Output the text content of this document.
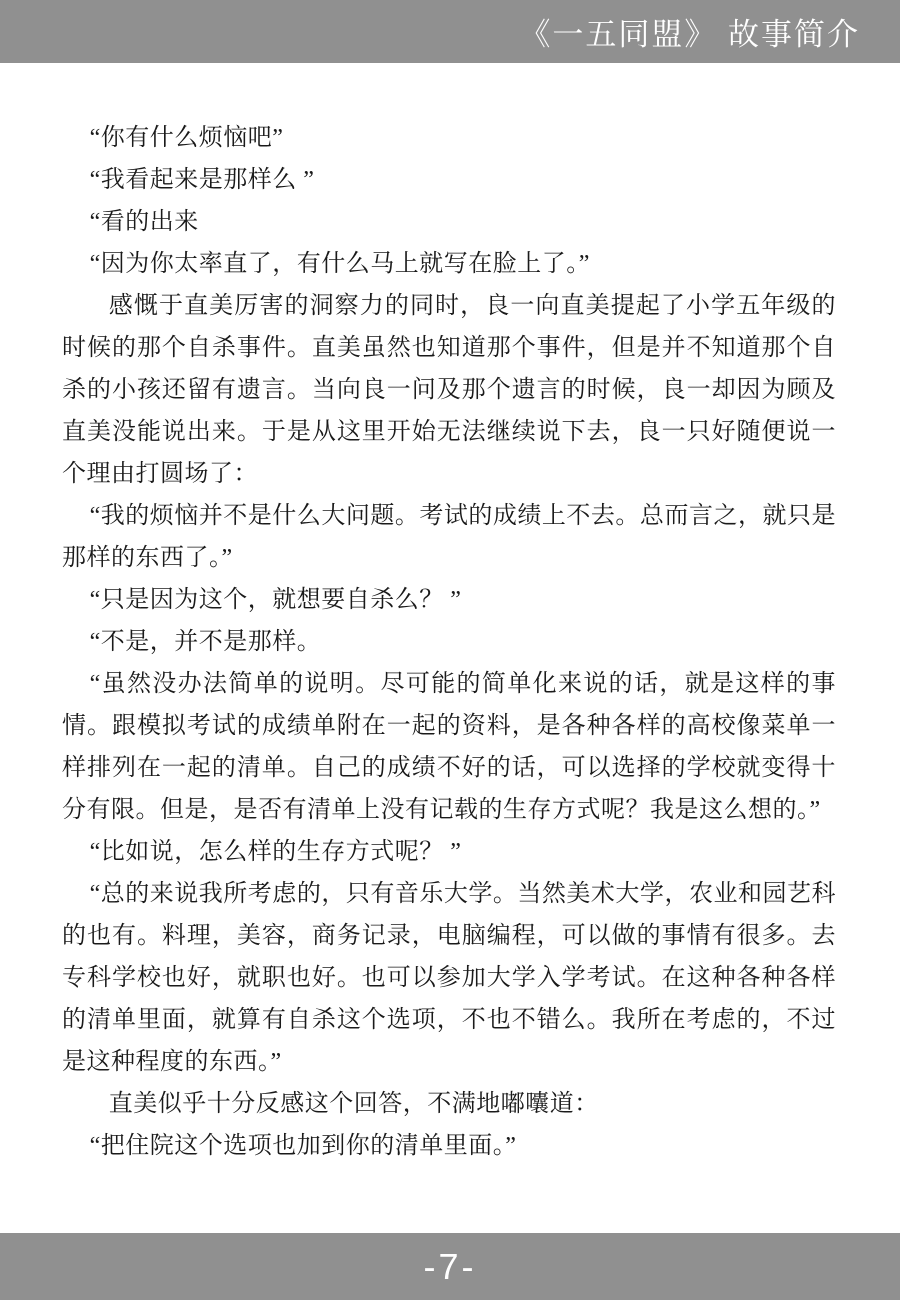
《一五同盟》 故事简介

“你有什么烦恼吧”

“我看起来是那样么 ”

“看的出来

“因为你太率直了，有什么马上就写在脸上了。”

感慨于直美厉害的洞察力的同时，良一向直美提起了小学五年级的时候的那个自杀事件。直美虽然也知道那个事件，但是并不知道那个自杀的小孩还留有遗言。当向良一问及那个遗言的时候，良一却因为顾及直美没能说出来。于是从这里开始无法继续说下去，良一只好随便说一个理由打圆场了：

“我的烦恼并不是什么大问题。考试的成绩上不去。总而言之，就只是那样的东西了。”

“只是因为这个，就想要自杀么？ ”

“不是，并不是那样。

“虽然没办法简单的说明。尽可能的简单化来说的话，就是这样的事情。跟模拟考试的成绩单附在一起的资料，是各种各样的高校像菜单一样排列在一起的清单。自己的成绩不好的话，可以选择的学校就变得十分有限。但是，是否有清单上没有记载的生存方式呢？我是这么想的。”

“比如说，怎么样的生存方式呢？ ”

“总的来说我所考虑的，只有音乐大学。当然美术大学，农业和园艺科的也有。料理，美容，商务记录，电脑编程，可以做的事情有很多。去专科学校也好，就职也好。也可以参加大学入学考试。在这种各种各样的清单里面，就算有自杀这个选项，不也不错么。我所在考虑的，不过是这种程度的东西。”

直美似乎十分反感这个回答，不满地嘟囔道：

“把住院这个选项也加到你的清单里面。”

-7-
